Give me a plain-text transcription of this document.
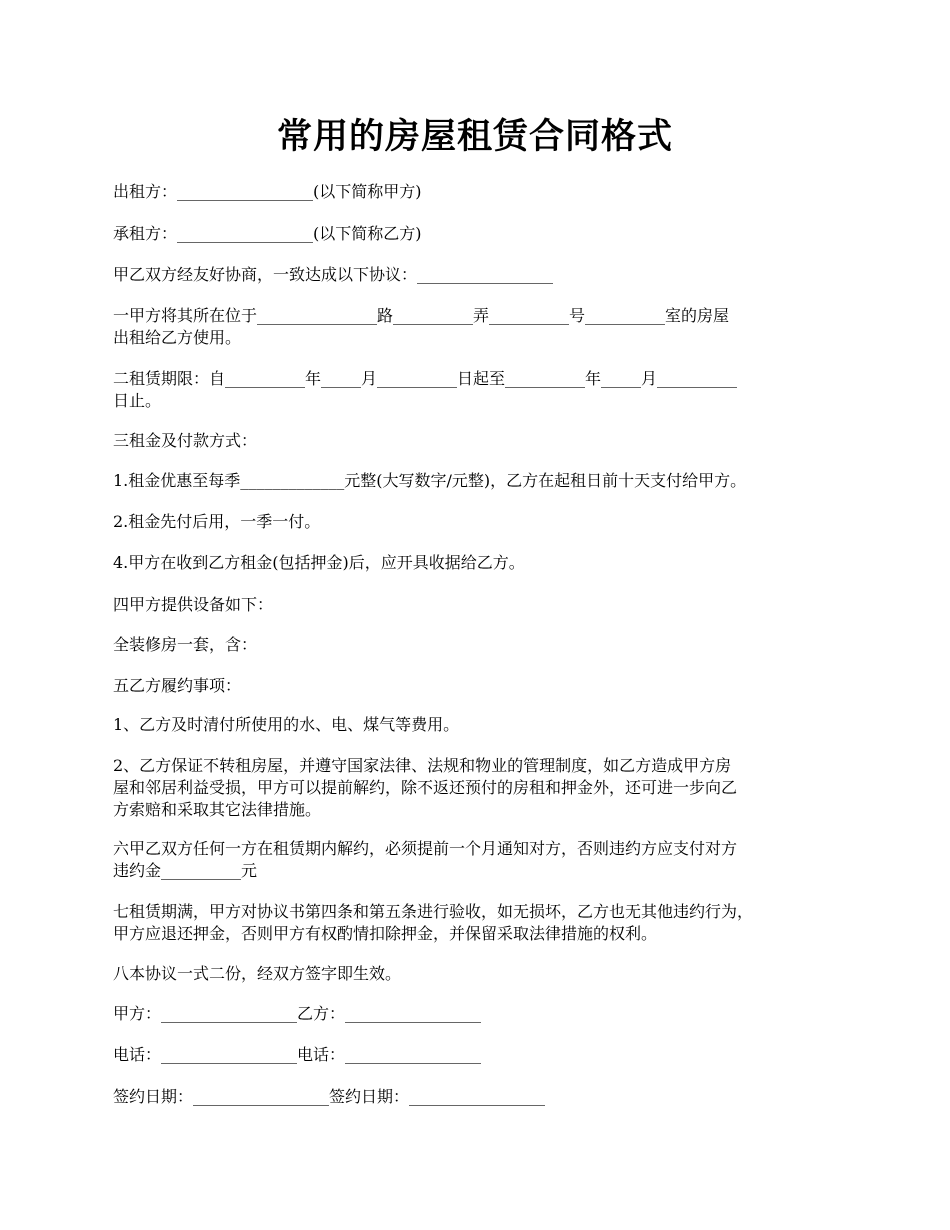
常用的房屋租赁合同格式

出租方：_________________(以下简称甲方)

承租方：_________________(以下简称乙方)

甲乙双方经友好协商，一致达成以下协议：_________________

一甲方将其所在位于_______________路__________弄__________号__________室的房屋
出租给乙方使用。

二租赁期限：自__________年_____月__________日起至__________年_____月__________
日止。

三租金及付款方式：

1.租金优惠至每季_____________元整(大写数字/元整)，乙方在起租日前十天支付给甲方。

2.租金先付后用，一季一付。

4.甲方在收到乙方租金(包括押金)后，应开具收据给乙方。

四甲方提供设备如下：

全装修房一套，含：

五乙方履约事项：

1、乙方及时清付所使用的水、电、煤气等费用。

2、乙方保证不转租房屋，并遵守国家法律、法规和物业的管理制度，如乙方造成甲方房
屋和邻居利益受损，甲方可以提前解约，除不返还预付的房租和押金外，还可进一步向乙
方索赔和采取其它法律措施。

六甲乙双方任何一方在租赁期内解约，必须提前一个月通知对方，否则违约方应支付对方
违约金__________元

七租赁期满，甲方对协议书第四条和第五条进行验收，如无损坏，乙方也无其他违约行为，
甲方应退还押金，否则甲方有权酌情扣除押金，并保留采取法律措施的权利。

八本协议一式二份，经双方签字即生效。

甲方：_________________乙方：_________________

电话：_________________电话：_________________

签约日期：_________________签约日期：_________________
